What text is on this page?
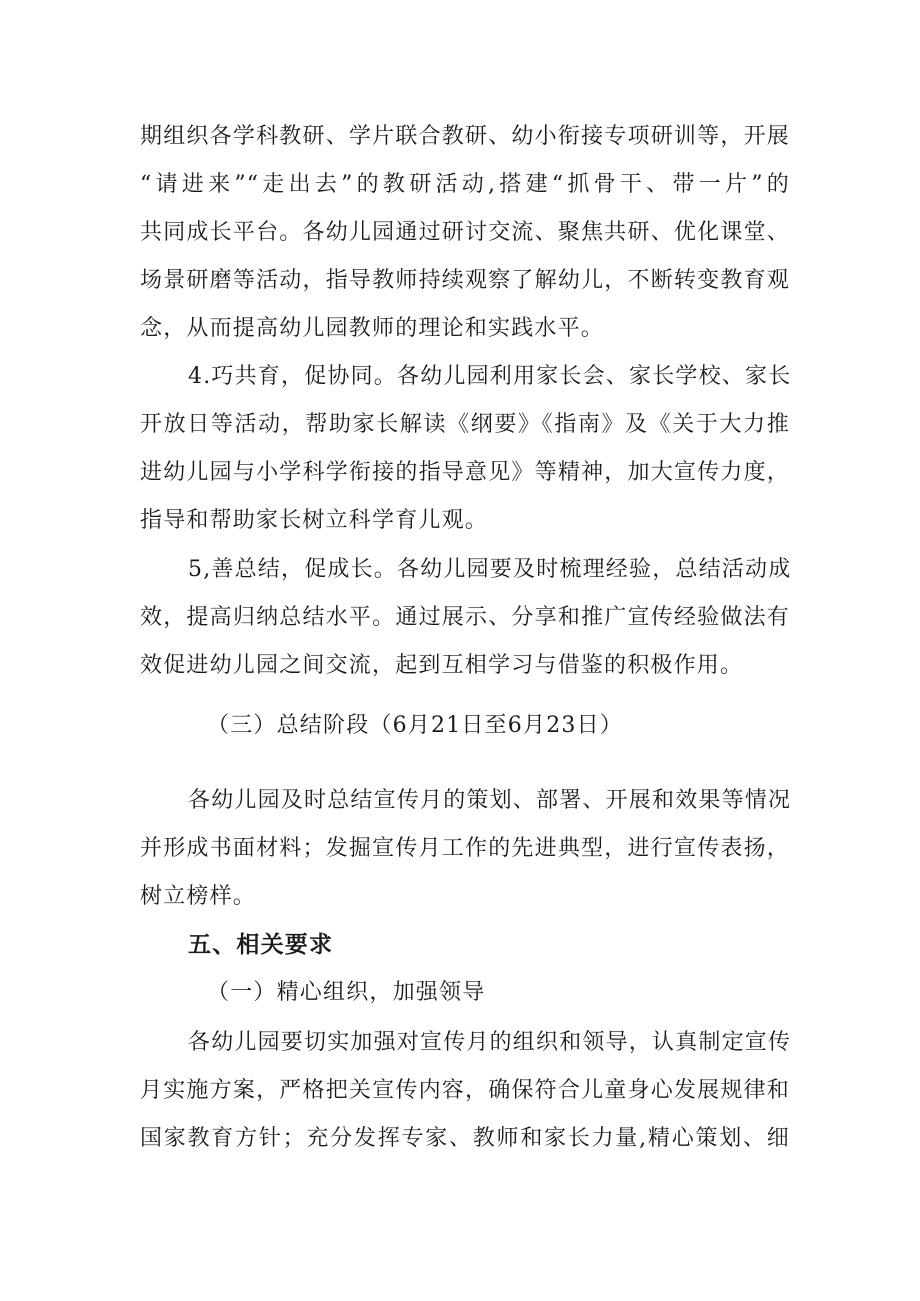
期组织各学科教研、学片联合教研、幼小衔接专项研训等，开展
“请进来”“走出去”的教研活动,搭建“抓骨干、带一片”的
共同成长平台。各幼儿园通过研讨交流、聚焦共研、优化课堂、
场景研磨等活动，指导教师持续观察了解幼儿，不断转变教育观
念，从而提高幼儿园教师的理论和实践水平。
4.巧共育，促协同。各幼儿园利用家长会、家长学校、家长
开放日等活动，帮助家长解读《纲要》《指南》及《关于大力推
进幼儿园与小学科学衔接的指导意见》等精神，加大宣传力度，
指导和帮助家长树立科学育儿观。
5,善总结，促成长。各幼儿园要及时梳理经验，总结活动成
效，提高归纳总结水平。通过展示、分享和推广宣传经验做法有
效促进幼儿园之间交流，起到互相学习与借鉴的积极作用。
（三）总结阶段（6月21日至6月23日）
各幼儿园及时总结宣传月的策划、部署、开展和效果等情况
并形成书面材料；发掘宣传月工作的先进典型，进行宣传表扬，
树立榜样。
五、相关要求
（一）精心组织，加强领导
各幼儿园要切实加强对宣传月的组织和领导，认真制定宣传
月实施方案，严格把关宣传内容，确保符合儿童身心发展规律和
国家教育方针；充分发挥专家、教师和家长力量,精心策划、细
